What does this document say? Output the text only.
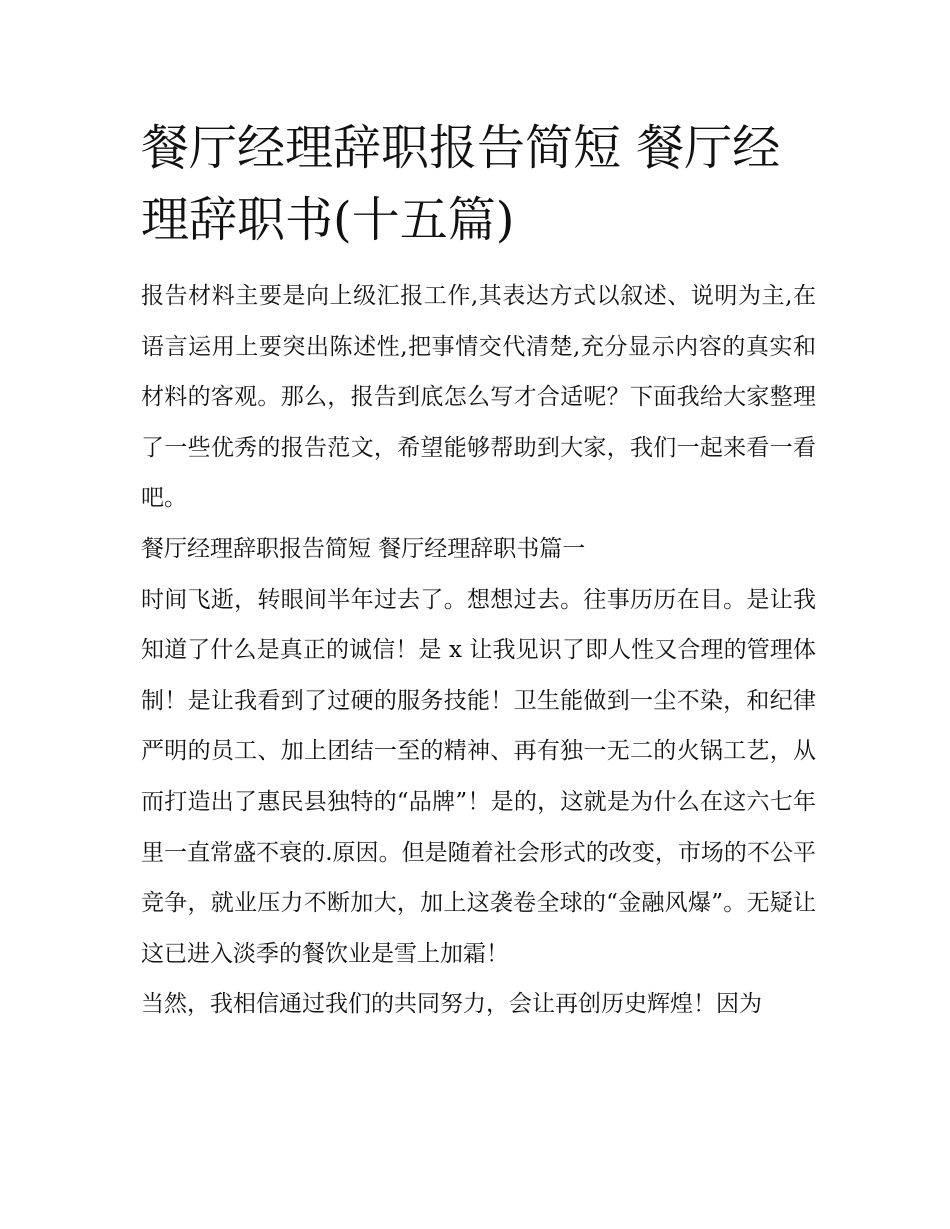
餐厅经理辞职报告简短 餐厅经理辞职书(十五篇)

报告材料主要是向上级汇报工作,其表达方式以叙述、说明为主,在语言运用上要突出陈述性,把事情交代清楚,充分显示内容的真实和材料的客观。那么，报告到底怎么写才合适呢？下面我给大家整理了一些优秀的报告范文，希望能够帮助到大家，我们一起来看一看吧。

餐厅经理辞职报告简短 餐厅经理辞职书篇一

时间飞逝，转眼间半年过去了。想想过去。往事历历在目。是让我知道了什么是真正的诚信！是 x 让我见识了即人性又合理的管理体制！是让我看到了过硬的服务技能！卫生能做到一尘不染，和纪律严明的员工、加上团结一至的精神、再有独一无二的火锅工艺，从而打造出了惠民县独特的“品牌”！是的，这就是为什么在这六七年里一直常盛不衰的.原因。但是随着社会形式的改变，市场的不公平竞争，就业压力不断加大，加上这袭卷全球的“金融风爆”。无疑让这已进入淡季的餐饮业是雪上加霜！

当然，我相信通过我们的共同努力，会让再创历史辉煌！因为
